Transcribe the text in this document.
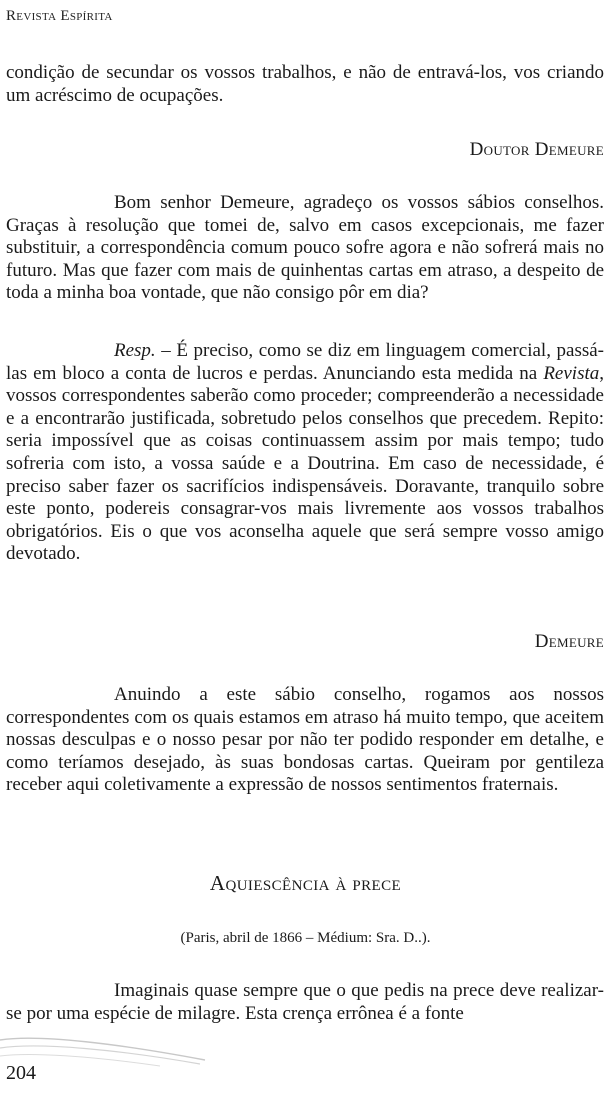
Revista Espírita

condição de secundar os vossos trabalhos, e não de entravá-los, vos criando um acréscimo de ocupações.

Doutor Demeure

Bom senhor Demeure, agradeço os vossos sábios conselhos. Graças à resolução que tomei de, salvo em casos excepcionais, me fazer substituir, a correspondência comum pouco sofre agora e não sofrerá mais no futuro. Mas que fazer com mais de quinhentas cartas em atraso, a despeito de toda a minha boa vontade, que não consigo pôr em dia?

Resp. – É preciso, como se diz em linguagem comercial, passá-las em bloco a conta de lucros e perdas. Anunciando esta medida na Revista, vossos correspondentes saberão como proceder; compreenderão a necessidade e a encontrarão justificada, sobretudo pelos conselhos que precedem. Repito: seria impossível que as coisas continuassem assim por mais tempo; tudo sofreria com isto, a vossa saúde e a Doutrina. Em caso de necessidade, é preciso saber fazer os sacrifícios indispensáveis. Doravante, tranquilo sobre este ponto, podereis consagrar-vos mais livremente aos vossos trabalhos obrigatórios. Eis o que vos aconselha aquele que será sempre vosso amigo devotado.

Demeure

Anuindo a este sábio conselho, rogamos aos nossos correspondentes com os quais estamos em atraso há muito tempo, que aceitem nossas desculpas e o nosso pesar por não ter podido responder em detalhe, e como teríamos desejado, às suas bondosas cartas. Queiram por gentileza receber aqui coletivamente a expressão de nossos sentimentos fraternais.

Aquiescência à prece
(Paris, abril de 1866 – Médium: Sra. D..).

Imaginais quase sempre que o que pedis na prece deve realizar-se por uma espécie de milagre. Esta crença errônea é a fonte

204
